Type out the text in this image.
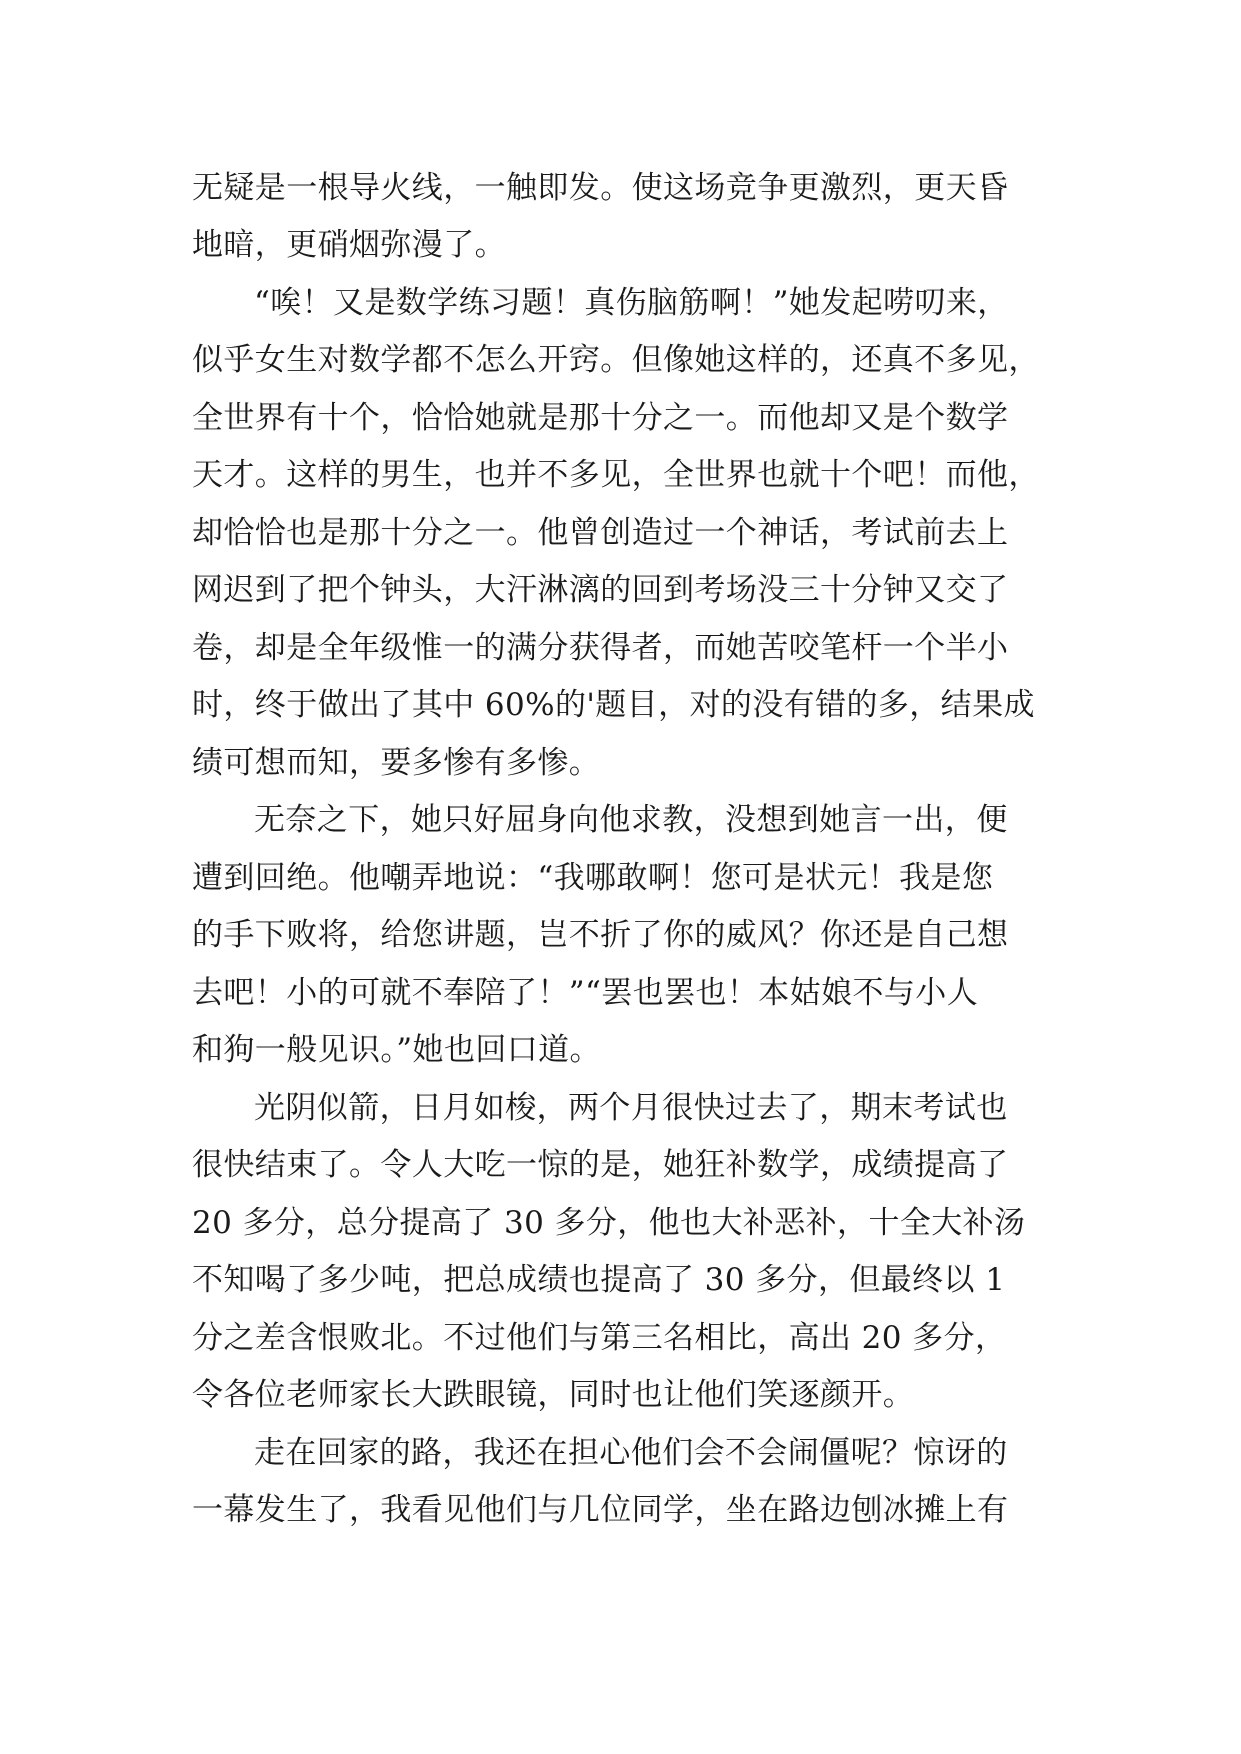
无疑是一根导火线，一触即发。使这场竞争更激烈，更天昏
地暗，更硝烟弥漫了。
“唉！又是数学练习题！真伤脑筋啊！”她发起唠叨来，
似乎女生对数学都不怎么开窍。但像她这样的，还真不多见，
全世界有十个，恰恰她就是那十分之一。而他却又是个数学
天才。这样的男生，也并不多见，全世界也就十个吧！而他，
却恰恰也是那十分之一。他曾创造过一个神话，考试前去上
网迟到了把个钟头，大汗淋漓的回到考场没三十分钟又交了
卷，却是全年级惟一的满分获得者，而她苦咬笔杆一个半小
时，终于做出了其中 60%的'题目，对的没有错的多，结果成
绩可想而知，要多惨有多惨。
无奈之下，她只好屈身向他求教，没想到她言一出，便
遭到回绝。他嘲弄地说：“我哪敢啊！您可是状元！我是您
的手下败将，给您讲题，岂不折了你的威风？你还是自己想
去吧！小的可就不奉陪了！”“罢也罢也！本姑娘不与小人
和狗一般见识。”她也回口道。
光阴似箭，日月如梭，两个月很快过去了，期末考试也
很快结束了。令人大吃一惊的是，她狂补数学，成绩提高了
20 多分，总分提高了 30 多分，他也大补恶补，十全大补汤
不知喝了多少吨，把总成绩也提高了 30 多分，但最终以 1
分之差含恨败北。不过他们与第三名相比，高出 20 多分，
令各位老师家长大跌眼镜，同时也让他们笑逐颜开。
走在回家的路，我还在担心他们会不会闹僵呢？惊讶的
一幕发生了，我看见他们与几位同学，坐在路边刨冰摊上有
